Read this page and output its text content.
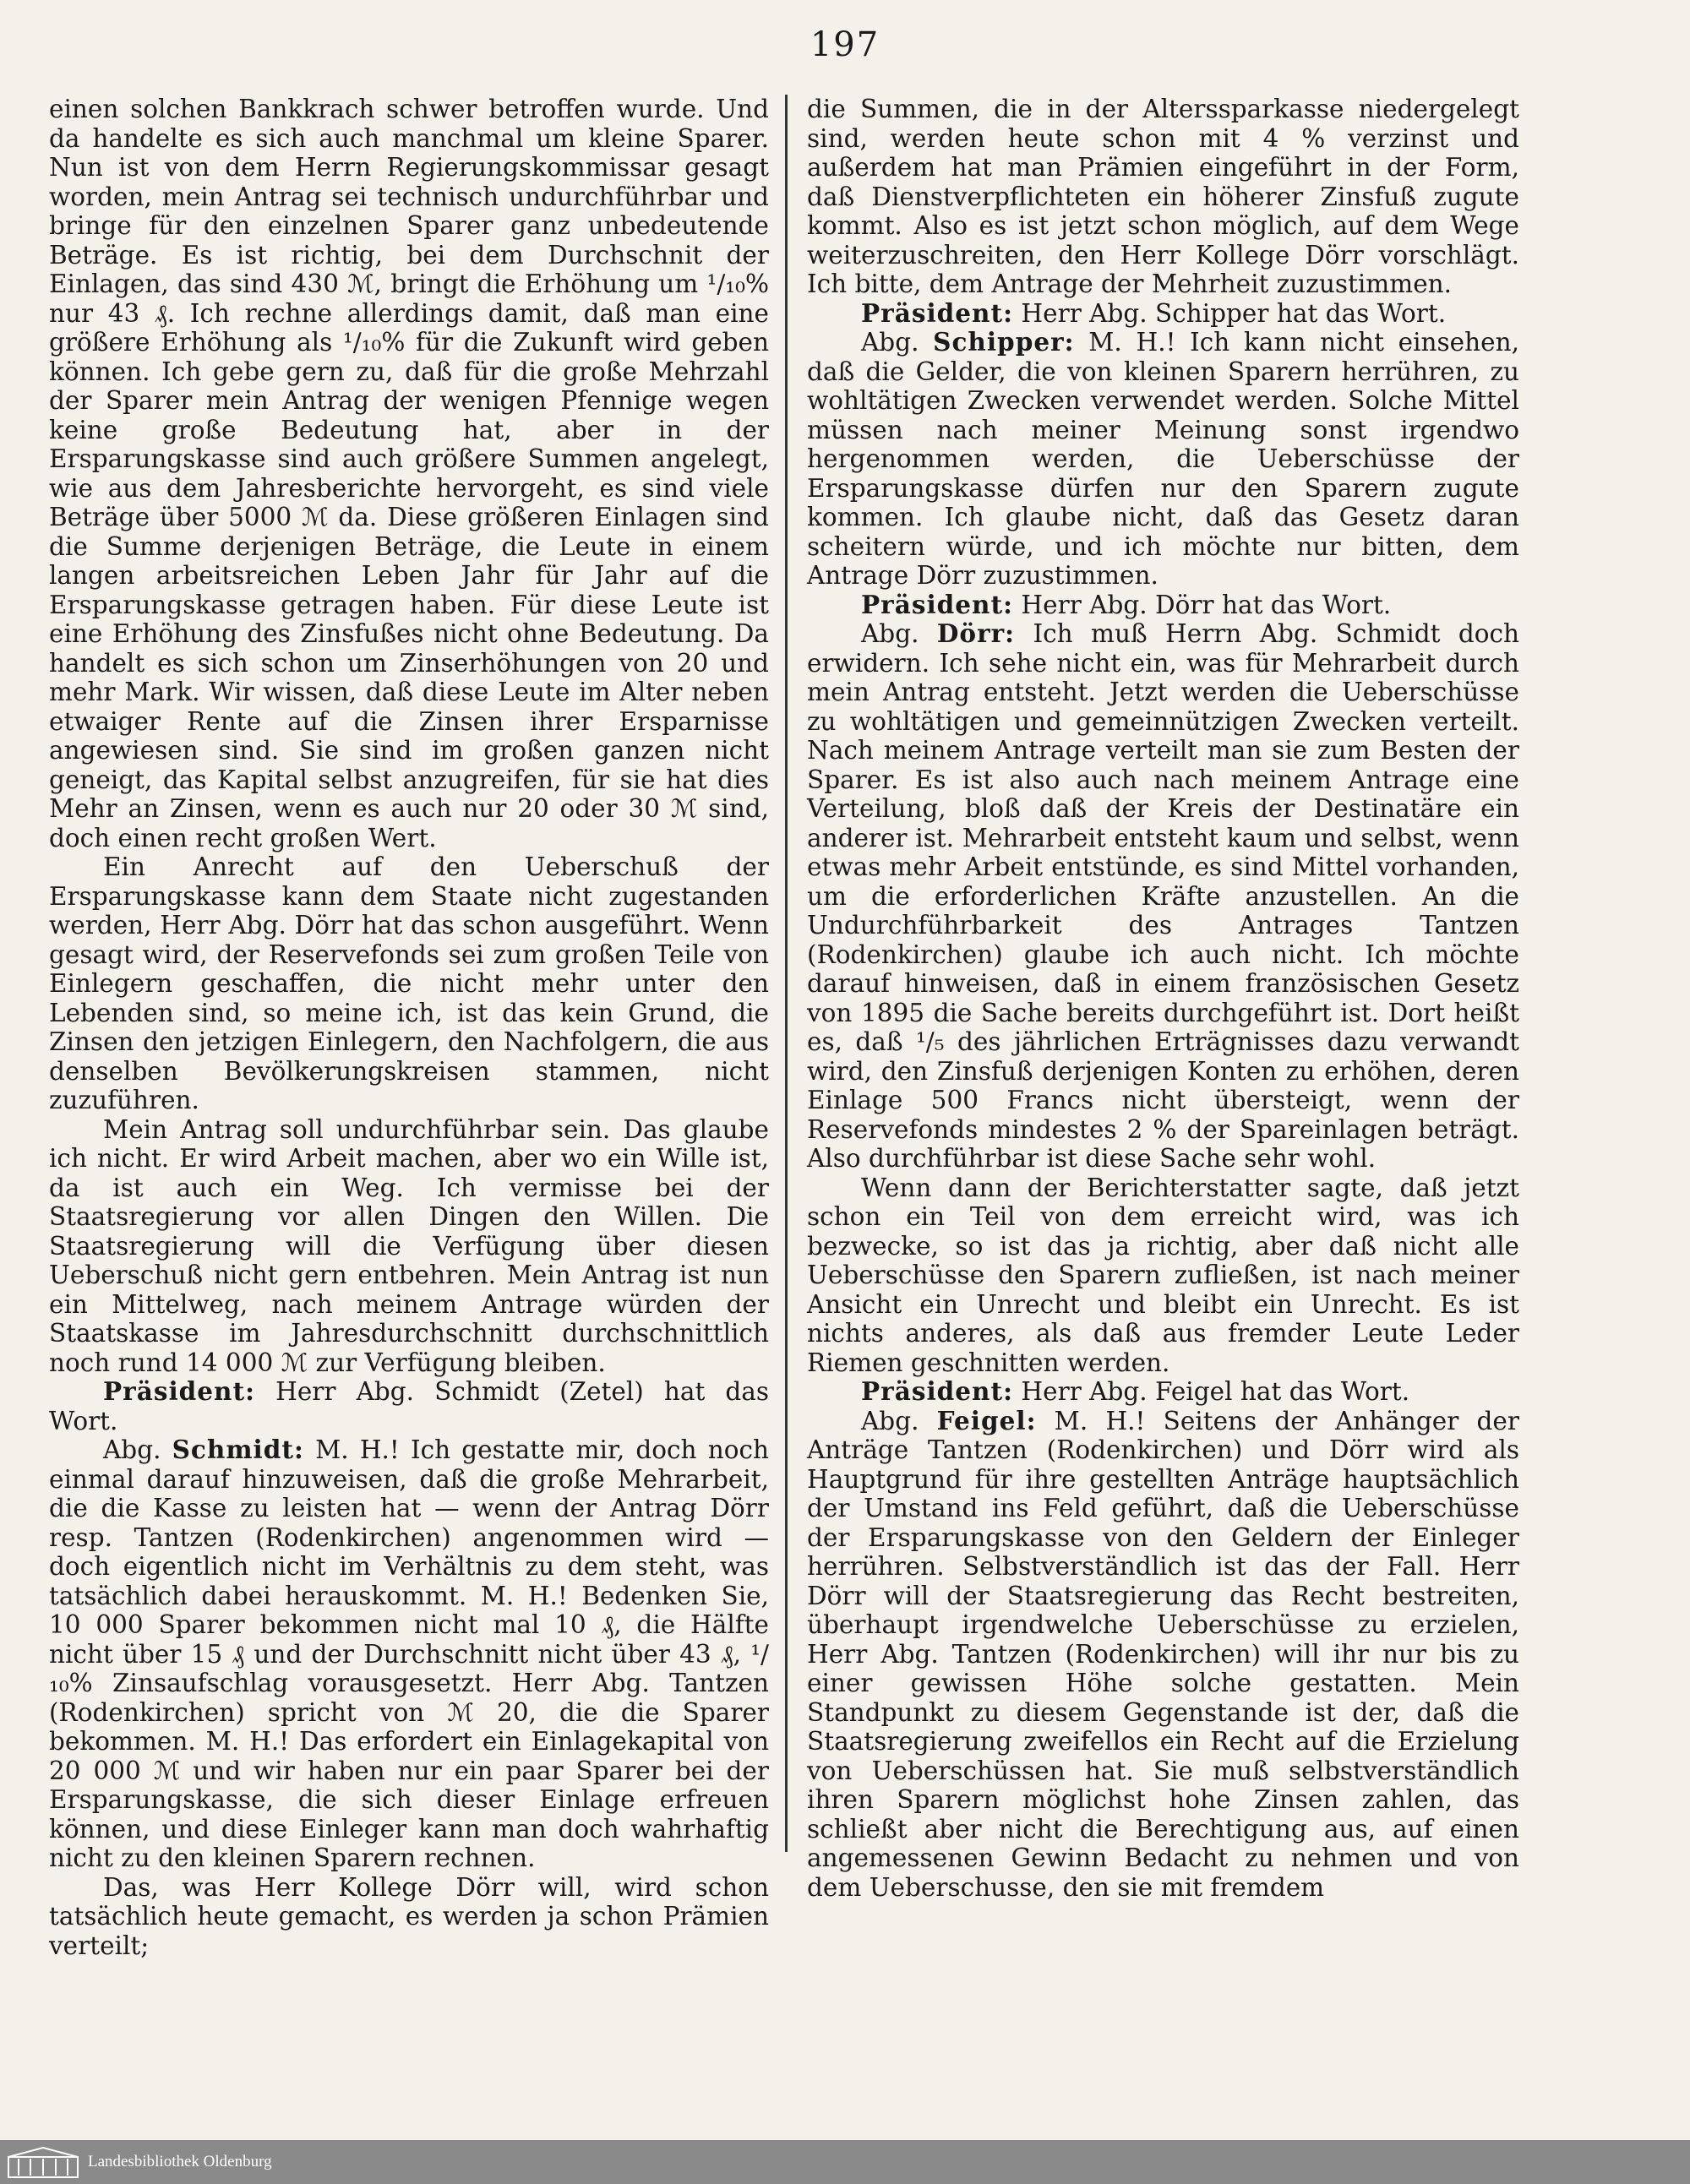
197

einen solchen Bankkrach schwer betroffen wurde. Und da handelte es sich auch manchmal um kleine Sparer. Nun ist von dem Herrn Regierungskommissar gesagt worden, mein Antrag sei technisch undurchführbar und bringe für den einzelnen Sparer ganz unbedeutende Beträge. Es ist richtig, bei dem Durchschnit der Einlagen, das sind 430 ℳ, bringt die Erhöhung um ¹/₁₀% nur 43 ₰. Ich rechne allerdings damit, daß man eine größere Erhöhung als ¹/₁₀% für die Zukunft wird geben können. Ich gebe gern zu, daß für die große Mehrzahl der Sparer mein Antrag der wenigen Pfennige wegen keine große Bedeutung hat, aber in der Ersparungskasse sind auch größere Summen angelegt, wie aus dem Jahresberichte hervorgeht, es sind viele Beträge über 5000 ℳ da. Diese größeren Einlagen sind die Summe derjenigen Beträge, die Leute in einem langen arbeitsreichen Leben Jahr für Jahr auf die Ersparungskasse getragen haben. Für diese Leute ist eine Erhöhung des Zinsfußes nicht ohne Bedeutung. Da handelt es sich schon um Zinserhöhungen von 20 und mehr Mark. Wir wissen, daß diese Leute im Alter neben etwaiger Rente auf die Zinsen ihrer Ersparnisse angewiesen sind. Sie sind im großen ganzen nicht geneigt, das Kapital selbst anzugreifen, für sie hat dies Mehr an Zinsen, wenn es auch nur 20 oder 30 ℳ sind, doch einen recht großen Wert.

Ein Anrecht auf den Ueberschuß der Ersparungskasse kann dem Staate nicht zugestanden werden, Herr Abg. Dörr hat das schon ausgeführt. Wenn gesagt wird, der Reservefonds sei zum großen Teile von Einlegern geschaffen, die nicht mehr unter den Lebenden sind, so meine ich, ist das kein Grund, die Zinsen den jetzigen Einlegern, den Nachfolgern, die aus denselben Bevölkerungskreisen stammen, nicht zuzuführen.

Mein Antrag soll undurchführbar sein. Das glaube ich nicht. Er wird Arbeit machen, aber wo ein Wille ist, da ist auch ein Weg. Ich vermisse bei der Staatsregierung vor allen Dingen den Willen. Die Staatsregierung will die Verfügung über diesen Ueberschuß nicht gern entbehren. Mein Antrag ist nun ein Mittelweg, nach meinem Antrage würden der Staatskasse im Jahresdurchschnitt durchschnittlich noch rund 14 000 ℳ zur Verfügung bleiben.

Präsident: Herr Abg. Schmidt (Zetel) hat das Wort.

Abg. Schmidt: M. H.! Ich gestatte mir, doch noch einmal darauf hinzuweisen, daß die große Mehrarbeit, die die Kasse zu leisten hat — wenn der Antrag Dörr resp. Tantzen (Rodenkirchen) angenommen wird — doch eigentlich nicht im Verhältnis zu dem steht, was tatsächlich dabei herauskommt. M. H.! Bedenken Sie, 10 000 Sparer bekommen nicht mal 10 ₰, die Hälfte nicht über 15 ₰ und der Durchschnitt nicht über 43 ₰, ¹/₁₀% Zinsaufschlag vorausgesetzt. Herr Abg. Tantzen (Rodenkirchen) spricht von ℳ 20, die die Sparer bekommen. M. H.! Das erfordert ein Einlagekapital von 20 000 ℳ und wir haben nur ein paar Sparer bei der Ersparungskasse, die sich dieser Einlage erfreuen können, und diese Einleger kann man doch wahrhaftig nicht zu den kleinen Sparern rechnen.

Das, was Herr Kollege Dörr will, wird schon tatsächlich heute gemacht, es werden ja schon Prämien verteilt;

die Summen, die in der Alterssparkasse niedergelegt sind, werden heute schon mit 4 % verzinst und außerdem hat man Prämien eingeführt in der Form, daß Dienstverpflichteten ein höherer Zinsfuß zugute kommt. Also es ist jetzt schon möglich, auf dem Wege weiterzuschreiten, den Herr Kollege Dörr vorschlägt. Ich bitte, dem Antrage der Mehrheit zuzustimmen.

Präsident: Herr Abg. Schipper hat das Wort.

Abg. Schipper: M. H.! Ich kann nicht einsehen, daß die Gelder, die von kleinen Sparern herrühren, zu wohltätigen Zwecken verwendet werden. Solche Mittel müssen nach meiner Meinung sonst irgendwo hergenommen werden, die Ueberschüsse der Ersparungskasse dürfen nur den Sparern zugute kommen. Ich glaube nicht, daß das Gesetz daran scheitern würde, und ich möchte nur bitten, dem Antrage Dörr zuzustimmen.

Präsident: Herr Abg. Dörr hat das Wort.

Abg. Dörr: Ich muß Herrn Abg. Schmidt doch erwidern. Ich sehe nicht ein, was für Mehrarbeit durch mein Antrag entsteht. Jetzt werden die Ueberschüsse zu wohltätigen und gemeinnützigen Zwecken verteilt. Nach meinem Antrage verteilt man sie zum Besten der Sparer. Es ist also auch nach meinem Antrage eine Verteilung, bloß daß der Kreis der Destinatäre ein anderer ist. Mehrarbeit entsteht kaum und selbst, wenn etwas mehr Arbeit entstünde, es sind Mittel vorhanden, um die erforderlichen Kräfte anzustellen. An die Undurchführbarkeit des Antrages Tantzen (Rodenkirchen) glaube ich auch nicht. Ich möchte darauf hinweisen, daß in einem französischen Gesetz von 1895 die Sache bereits durchgeführt ist. Dort heißt es, daß ¹/₅ des jährlichen Erträgnisses dazu verwandt wird, den Zinsfuß derjenigen Konten zu erhöhen, deren Einlage 500 Francs nicht übersteigt, wenn der Reservefonds mindestes 2 % der Spareinlagen beträgt. Also durchführbar ist diese Sache sehr wohl.

Wenn dann der Berichterstatter sagte, daß jetzt schon ein Teil von dem erreicht wird, was ich bezwecke, so ist das ja richtig, aber daß nicht alle Ueberschüsse den Sparern zufließen, ist nach meiner Ansicht ein Unrecht und bleibt ein Unrecht. Es ist nichts anderes, als daß aus fremder Leute Leder Riemen geschnitten werden.

Präsident: Herr Abg. Feigel hat das Wort.

Abg. Feigel: M. H.! Seitens der Anhänger der Anträge Tantzen (Rodenkirchen) und Dörr wird als Hauptgrund für ihre gestellten Anträge hauptsächlich der Umstand ins Feld geführt, daß die Ueberschüsse der Ersparungskasse von den Geldern der Einleger herrühren. Selbstverständlich ist das der Fall. Herr Dörr will der Staatsregierung das Recht bestreiten, überhaupt irgendwelche Ueberschüsse zu erzielen, Herr Abg. Tantzen (Rodenkirchen) will ihr nur bis zu einer gewissen Höhe solche gestatten. Mein Standpunkt zu diesem Gegenstande ist der, daß die Staatsregierung zweifellos ein Recht auf die Erzielung von Ueberschüssen hat. Sie muß selbstverständlich ihren Sparern möglichst hohe Zinsen zahlen, das schließt aber nicht die Berechtigung aus, auf einen angemessenen Gewinn Bedacht zu nehmen und von dem Ueberschusse, den sie mit fremdem

Landesbibliothek Oldenburg
